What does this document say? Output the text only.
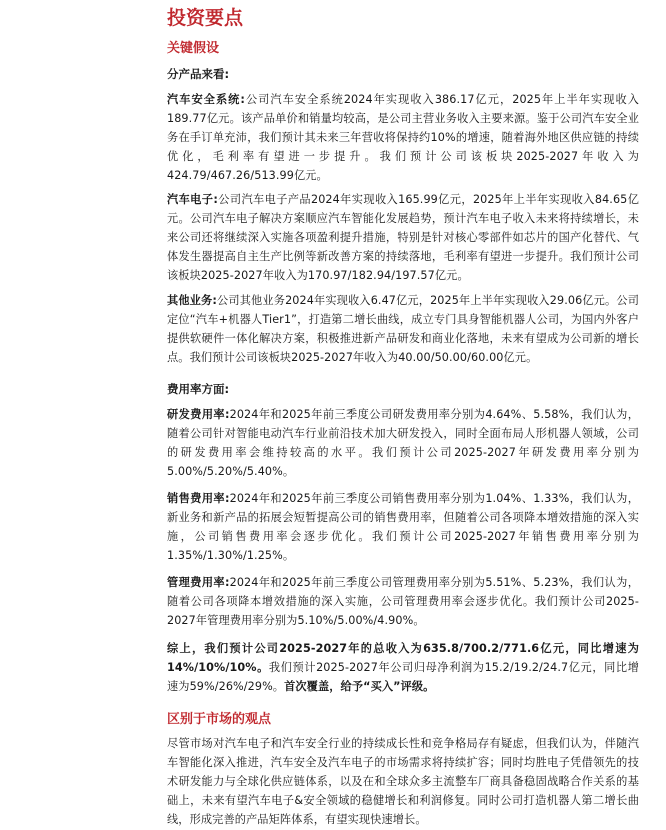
投资要点
关键假设
分产品来看:
汽车安全系统:公司汽车安全系统2024年实现收入386.17亿元，2025年上半年实现收入189.77亿元。该产品单价和销量均较高，是公司主营业务收入主要来源。鉴于公司汽车安全业务在手订单充沛，我们预计其未来三年营收将保持约10%的增速，随着海外地区供应链的持续优化，毛利率有望进一步提升。我们预计公司该板块2025-2027年收入为424.79/467.26/513.99亿元。
汽车电子:公司汽车电子产品2024年实现收入165.99亿元，2025年上半年实现收入84.65亿元。公司汽车电子解决方案顺应汽车智能化发展趋势，预计汽车电子收入未来将持续增长，未来公司还将继续深入实施各项盈利提升措施，特别是针对核心零部件如芯片的国产化替代、气体发生器提高自主生产比例等新改善方案的持续落地，毛利率有望进一步提升。我们预计公司该板块2025-2027年收入为170.97/182.94/197.57亿元。
其他业务:公司其他业务2024年实现收入6.47亿元，2025年上半年实现收入29.06亿元。公司定位“汽车+机器人Tier1”，打造第二增长曲线，成立专门具身智能机器人公司，为国内外客户提供软硬件一体化解决方案，积极推进新产品研发和商业化落地，未来有望成为公司新的增长点。我们预计公司该板块2025-2027年收入为40.00/50.00/60.00亿元。
费用率方面:
研发费用率:2024年和2025年前三季度公司研发费用率分别为4.64%、5.58%，我们认为，随着公司针对智能电动汽车行业前沿技术加大研发投入，同时全面布局人形机器人领域，公司的研发费用率会维持较高的水平。我们预计公司2025-2027年研发费用率分别为5.00%/5.20%/5.40%。
销售费用率:2024年和2025年前三季度公司销售费用率分别为1.04%、1.33%，我们认为，新业务和新产品的拓展会短暂提高公司的销售费用率，但随着公司各项降本增效措施的深入实施，公司销售费用率会逐步优化。我们预计公司2025-2027年销售费用率分别为1.35%/1.30%/1.25%。
管理费用率:2024年和2025年前三季度公司管理费用率分别为5.51%、5.23%，我们认为，随着公司各项降本增效措施的深入实施，公司管理费用率会逐步优化。我们预计公司2025-2027年管理费用率分别为5.10%/5.00%/4.90%。
综上，我们预计公司2025-2027年的总收入为635.8/700.2/771.6亿元，同比增速为14%/10%/10%。我们预计2025-2027年公司归母净利润为15.2/19.2/24.7亿元，同比增速为59%/26%/29%。首次覆盖，给予“买入”评级。
区别于市场的观点
尽管市场对汽车电子和汽车安全行业的持续成长性和竞争格局存有疑虑，但我们认为，伴随汽车智能化深入推进，汽车安全及汽车电子的市场需求将持续扩容；同时均胜电子凭借领先的技术研发能力与全球化供应链体系，以及在和全球众多主流整车厂商具备稳固战略合作关系的基础上，未来有望汽车电子&安全领域的稳健增长和利润修复。同时公司打造机器人第二增长曲线，形成完善的产品矩阵体系，有望实现快速增长。
